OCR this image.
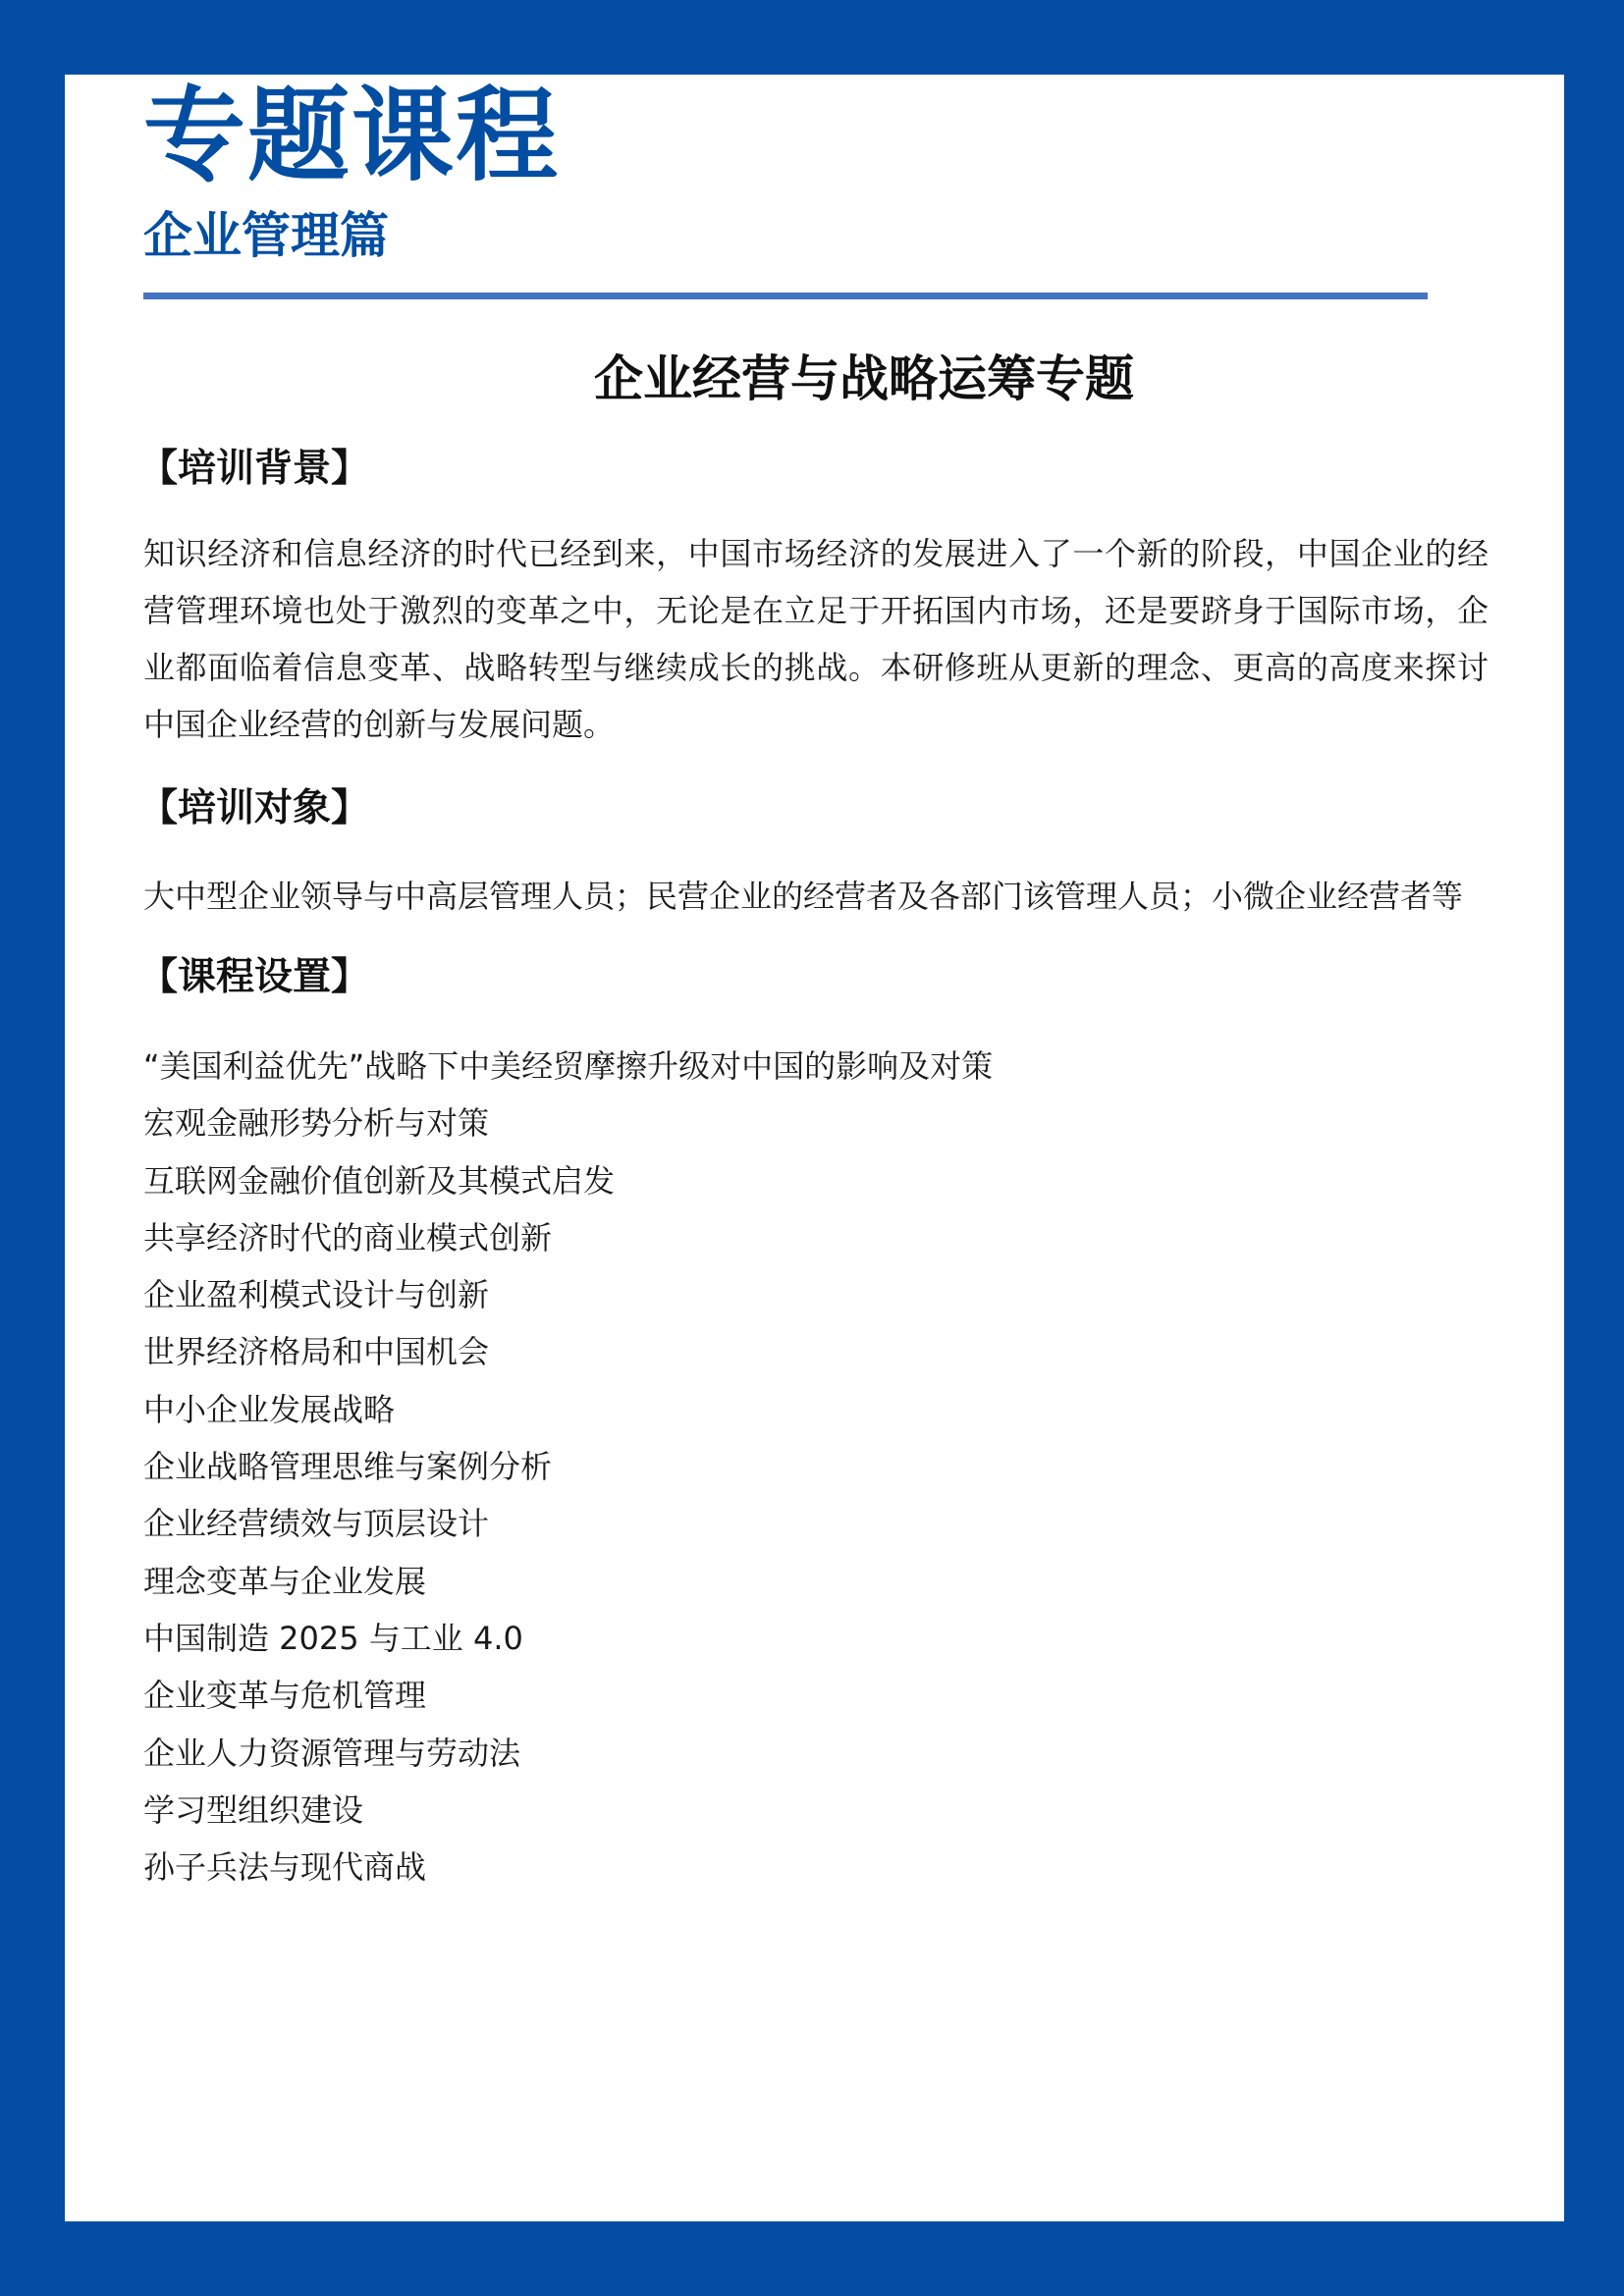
专题课程
企业管理篇
企业经营与战略运筹专题
【培训背景】

知识经济和信息经济的时代已经到来，中国市场经济的发展进入了一个新的阶段，中国企业的经营管理环境也处于激烈的变革之中，无论是在立足于开拓国内市场，还是要跻身于国际市场，企业都面临着信息变革、战略转型与继续成长的挑战。本研修班从更新的理念、更高的高度来探讨中国企业经营的创新与发展问题。

【培训对象】

大中型企业领导与中高层管理人员；民营企业的经营者及各部门该管理人员；小微企业经营者等

【课程设置】
“美国利益优先”战略下中美经贸摩擦升级对中国的影响及对策
宏观金融形势分析与对策
互联网金融价值创新及其模式启发
共享经济时代的商业模式创新
企业盈利模式设计与创新
世界经济格局和中国机会
中小企业发展战略
企业战略管理思维与案例分析
企业经营绩效与顶层设计
理念变革与企业发展
中国制造 2025 与工业 4.0
企业变革与危机管理
企业人力资源管理与劳动法
学习型组织建设
孙子兵法与现代商战
